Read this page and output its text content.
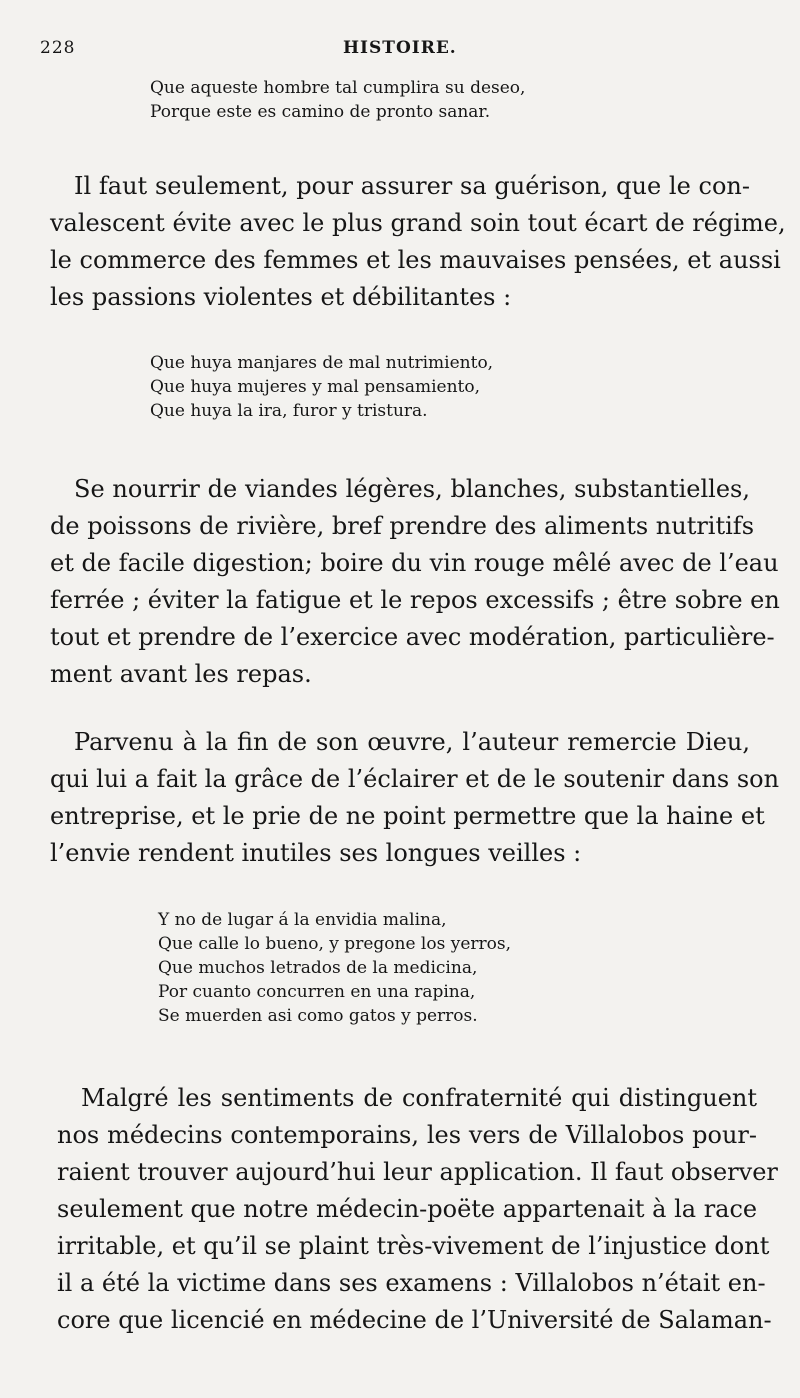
228	HISTOIRE.
Que aqueste hombre tal cumplira su deseo,
Porque este es camino de pronto sanar.
Il faut seulement, pour assurer sa guérison, que le con-
valescent évite avec le plus grand soin tout écart de régime,
le commerce des femmes et les mauvaises pensées, et aussi
les passions violentes et débilitantes :
Que huya manjares de mal nutrimiento,
Que huya mujeres y mal pensamiento,
Que huya la ira, furor y tristura.
Se nourrir de viandes légères, blanches, substantielles,
de poissons de rivière, bref prendre des aliments nutritifs
et de facile digestion; boire du vin rouge mêlé avec de l’eau
ferrée ; éviter la fatigue et le repos excessifs ; être sobre en
tout et prendre de l’exercice avec modération, particulière-
ment avant les repas.
Parvenu à la fin de son œuvre, l’auteur remercie Dieu,
qui lui a fait la grâce de l’éclairer et de le soutenir dans son
entreprise, et le prie de ne point permettre que la haine et
l’envie rendent inutiles ses longues veilles :
Y no de lugar á la envidia malina,
Que calle lo bueno, y pregone los yerros,
Que muchos letrados de la medicina,
Por cuanto concurren en una rapina,
Se muerden asi como gatos y perros.
Malgré les sentiments de confraternité qui distinguent
nos médecins contemporains, les vers de Villalobos pour-
raient trouver aujourd’hui leur application. Il faut observer
seulement que notre médecin-poëte appartenait à la race
irritable, et qu’il se plaint très-vivement de l’injustice dont
il a été la victime dans ses examens : Villalobos n’était en-
core que licencié en médecine de l’Université de Salaman-
